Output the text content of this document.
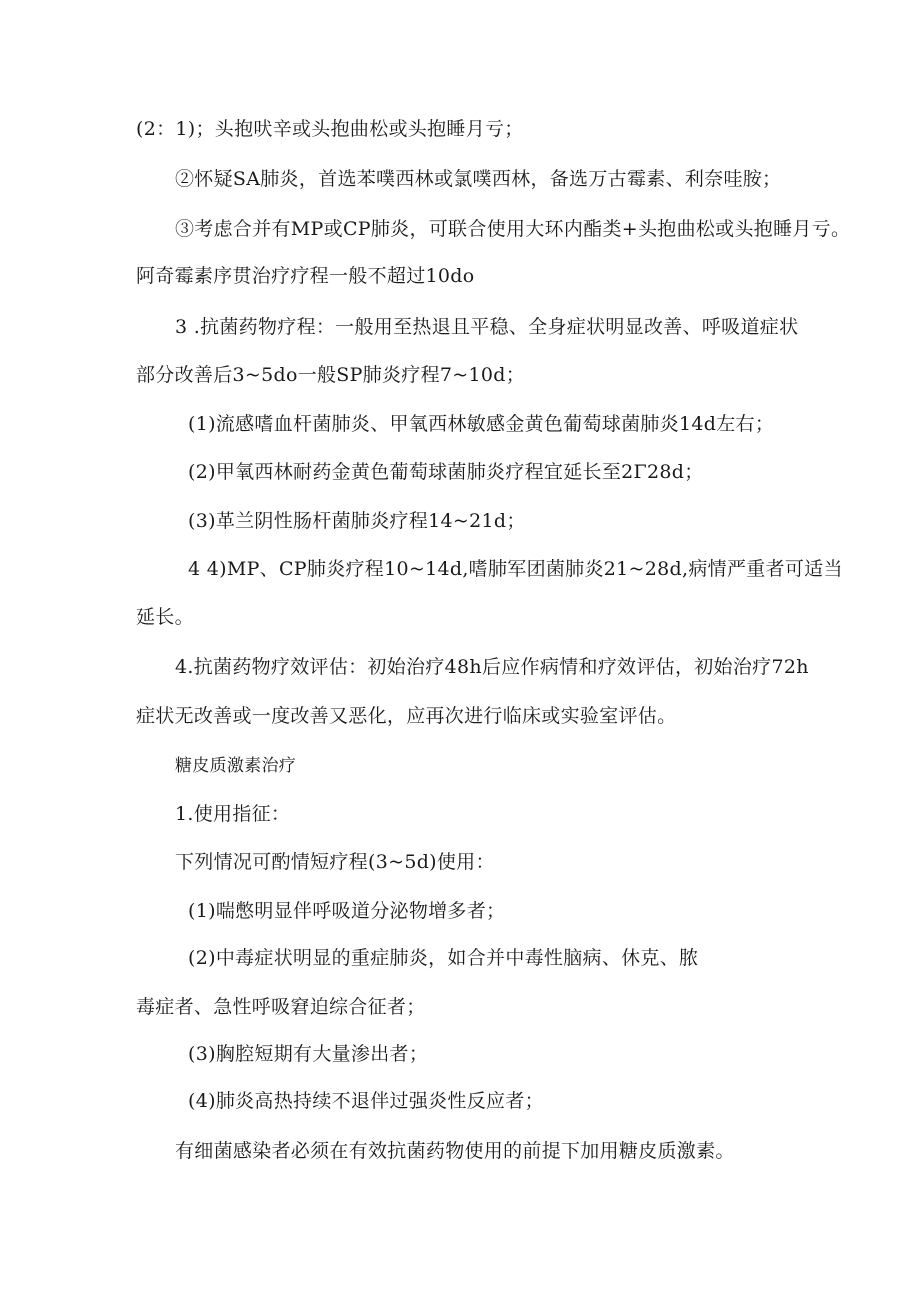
(2：1)；头抱吠辛或头抱曲松或头抱睡月亏；
②怀疑SA肺炎，首选苯噗西林或氯噗西林，备选万古霉素、利奈哇胺；
③考虑合并有MP或CP肺炎，可联合使用大环内酯类+头抱曲松或头抱睡月亏。
阿奇霉素序贯治疗疗程一般不超过10do
3 .抗菌药物疗程：一般用至热退且平稳、全身症状明显改善、呼吸道症状
部分改善后3~5do一般SP肺炎疗程7~10d；
(1)流感嗜血杆菌肺炎、甲氧西林敏感金黄色葡萄球菌肺炎14d左右；
(2)甲氧西林耐药金黄色葡萄球菌肺炎疗程宜延长至2Γ28d；
(3)革兰阴性肠杆菌肺炎疗程14~21d；
4 4)MP、CP肺炎疗程10~14d,嗜肺军团菌肺炎21~28d,病情严重者可适当
延长。
4.抗菌药物疗效评估：初始治疗48h后应作病情和疗效评估，初始治疗72h
症状无改善或一度改善又恶化，应再次进行临床或实验室评估。
糖皮质激素治疗
1.使用指征：
下列情况可酌情短疗程(3~5d)使用：
(1)喘憋明显伴呼吸道分泌物增多者；
(2)中毒症状明显的重症肺炎，如合并中毒性脑病、休克、脓
毒症者、急性呼吸窘迫综合征者；
(3)胸腔短期有大量渗出者；
(4)肺炎高热持续不退伴过强炎性反应者；
有细菌感染者必须在有效抗菌药物使用的前提下加用糖皮质激素。
